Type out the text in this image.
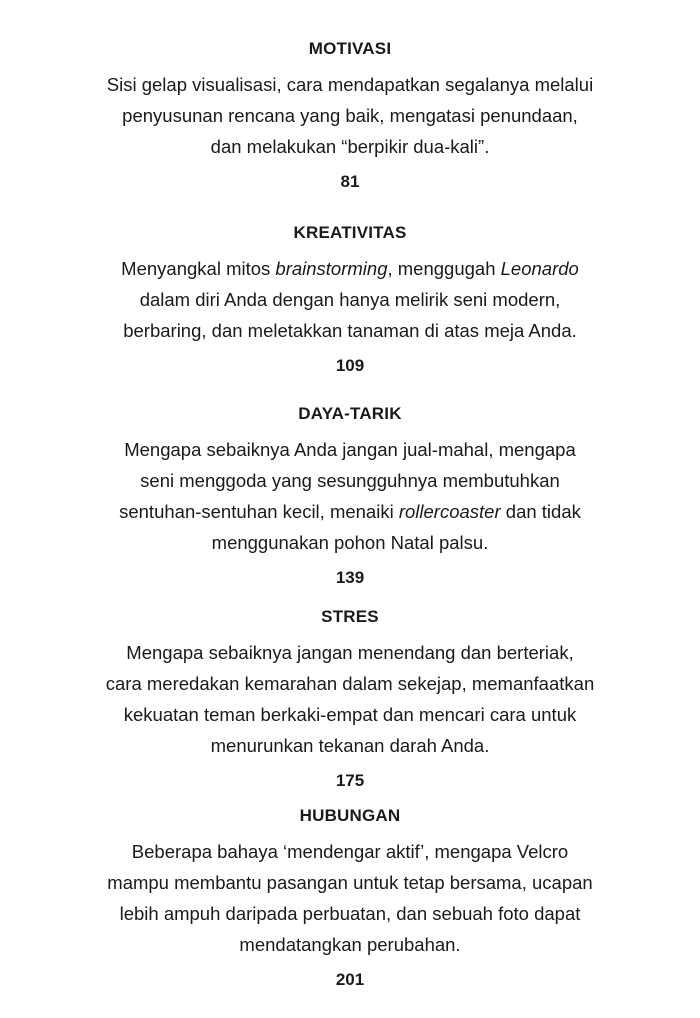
MOTIVASI

Sisi gelap visualisasi, cara mendapatkan segalanya melalui

penyusunan rencana yang baik, mengatasi penundaan,

dan melakukan “berpikir dua-kali”.

81

KREATIVITAS

Menyangkal mitos brainstorming, menggugah Leonardo

dalam diri Anda dengan hanya melirik seni modern,

berbaring, dan meletakkan tanaman di atas meja Anda.

109

DAYA-TARIK

Mengapa sebaiknya Anda jangan jual-mahal, mengapa

seni menggoda yang sesungguhnya membutuhkan

sentuhan-sentuhan kecil, menaiki rollercoaster dan tidak

menggunakan pohon Natal palsu.

139

STRES

Mengapa sebaiknya jangan menendang dan berteriak,

cara meredakan kemarahan dalam sekejap, memanfaatkan

kekuatan teman berkaki-empat dan mencari cara untuk

menurunkan tekanan darah Anda.

175

HUBUNGAN

Beberapa bahaya ‘mendengar aktif’, mengapa Velcro

mampu membantu pasangan untuk tetap bersama, ucapan

lebih ampuh daripada perbuatan, dan sebuah foto dapat

mendatangkan perubahan.

201
